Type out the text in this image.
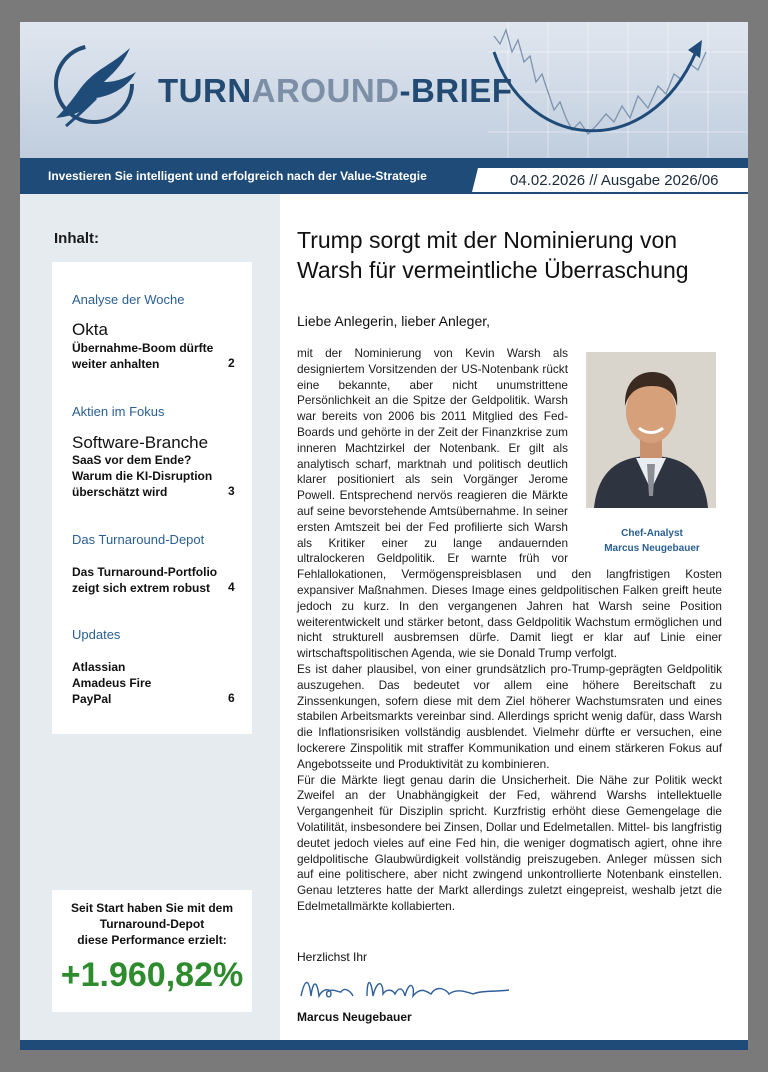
TURNAROUND-BRIEF
Investieren Sie intelligent und erfolgreich nach der Value-Strategie	04.02.2026 // Ausgabe 2026/06
Inhalt:
Analyse der Woche
Okta
Übernahme-Boom dürfte
weiter anhalten	2
Aktien im Fokus
Software-Branche
SaaS vor dem Ende?
Warum die KI-Disruption
überschätzt wird	3
Das Turnaround-Depot
Das Turnaround-Portfolio
zeigt sich extrem robust	4
Updates
Atlassian
Amadeus Fire
PayPal	6
Seit Start haben Sie mit dem
Turnaround-Depot
diese Performance erzielt:
+1.960,82%
Trump sorgt mit der Nominierung von Warsh für vermeintliche Überraschung
Liebe Anlegerin, lieber Anleger,
Chef-Analyst
Marcus Neugebauer

mit der Nominierung von Kevin Warsh als designiertem Vorsitzenden der US-Notenbank rückt eine bekannte, aber nicht unumstrittene Persönlichkeit an die Spitze der Geldpolitik. Warsh war bereits von 2006 bis 2011 Mitglied des Fed-Boards und gehörte in der Zeit der Finanzkrise zum inneren Machtzirkel der Notenbank. Er gilt als analytisch scharf, marktnah und politisch deutlich klarer positioniert als sein Vorgänger Jerome Powell. Entsprechend nervös reagieren die Märkte auf seine bevorstehende Amtsübernahme. In seiner ersten Amtszeit bei der Fed profilierte sich Warsh als Kritiker einer zu lange andauernden ultralockeren Geldpolitik. Er warnte früh vor Fehlallokationen, Vermögenspreisblasen und den langfristigen Kosten expansiver Maßnahmen. Dieses Image eines geldpolitischen Falken greift heute jedoch zu kurz. In den vergangenen Jahren hat Warsh seine Position weiterentwickelt und stärker betont, dass Geldpolitik Wachstum ermöglichen und nicht strukturell ausbremsen dürfe. Damit liegt er klar auf Linie einer wirtschaftspolitischen Agenda, wie sie Donald Trump verfolgt.

Es ist daher plausibel, von einer grundsätzlich pro-Trump-geprägten Geldpolitik auszugehen. Das bedeutet vor allem eine höhere Bereitschaft zu Zinssenkungen, sofern diese mit dem Ziel höherer Wachstumsraten und eines stabilen Arbeitsmarkts vereinbar sind. Allerdings spricht wenig dafür, dass Warsh die Inflationsrisiken vollständig ausblendet. Vielmehr dürfte er versuchen, eine lockerere Zinspolitik mit straffer Kommunikation und einem stärkeren Fokus auf Angebotsseite und Produktivität zu kombinieren.

Für die Märkte liegt genau darin die Unsicherheit. Die Nähe zur Politik weckt Zweifel an der Unabhängigkeit der Fed, während Warshs intellektuelle Vergangenheit für Disziplin spricht. Kurzfristig erhöht diese Gemengelage die Volatilität, insbesondere bei Zinsen, Dollar und Edelmetallen. Mittel- bis langfristig deutet jedoch vieles auf eine Fed hin, die weniger dogmatisch agiert, ohne ihre geldpolitische Glaubwürdigkeit vollständig preiszugeben. Anleger müssen sich auf eine politischere, aber nicht zwingend unkontrollierte Notenbank einstellen. Genau letzteres hatte der Markt allerdings zuletzt eingepreist, weshalb jetzt die Edelmetallmärkte kollabierten.

Herzlichst Ihr
Marcus Neugebauer
